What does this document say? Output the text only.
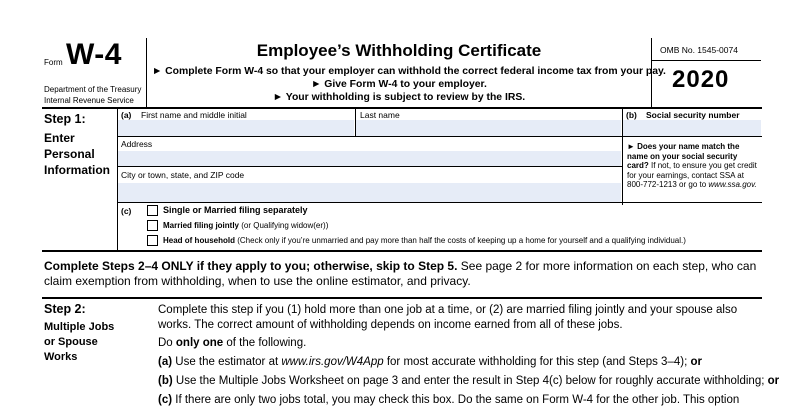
Form W-4
Department of the Treasury
Internal Revenue Service
Employee’s Withholding Certificate
► Complete Form W-4 so that your employer can withhold the correct federal income tax from your pay.
► Give Form W-4 to your employer.
► Your withholding is subject to review by the IRS.
OMB No. 1545-0074
2020
Step 1:
Enter
Personal
Information
(a) First name and middle initial	Last name	(b) Social security number
Address
City or town, state, and ZIP code
► Does your name match the name on your social security card? If not, to ensure you get credit for your earnings, contact SSA at 800-772-1213 or go to www.ssa.gov.
(c)	Single or Married filing separately
Married filing jointly (or Qualifying widow(er))
Head of household (Check only if you’re unmarried and pay more than half the costs of keeping up a home for yourself and a qualifying individual.)
Complete Steps 2–4 ONLY if they apply to you; otherwise, skip to Step 5. See page 2 for more information on each step, who can claim exemption from withholding, when to use the online estimator, and privacy.
Step 2:
Multiple Jobs
or Spouse
Works
Complete this step if you (1) hold more than one job at a time, or (2) are married filing jointly and your spouse also works. The correct amount of withholding depends on income earned from all of these jobs.
Do only one of the following.
(a) Use the estimator at www.irs.gov/W4App for most accurate withholding for this step (and Steps 3–4); or
(b) Use the Multiple Jobs Worksheet on page 3 and enter the result in Step 4(c) below for roughly accurate withholding; or
(c) If there are only two jobs total, you may check this box. Do the same on Form W-4 for the other job. This option
